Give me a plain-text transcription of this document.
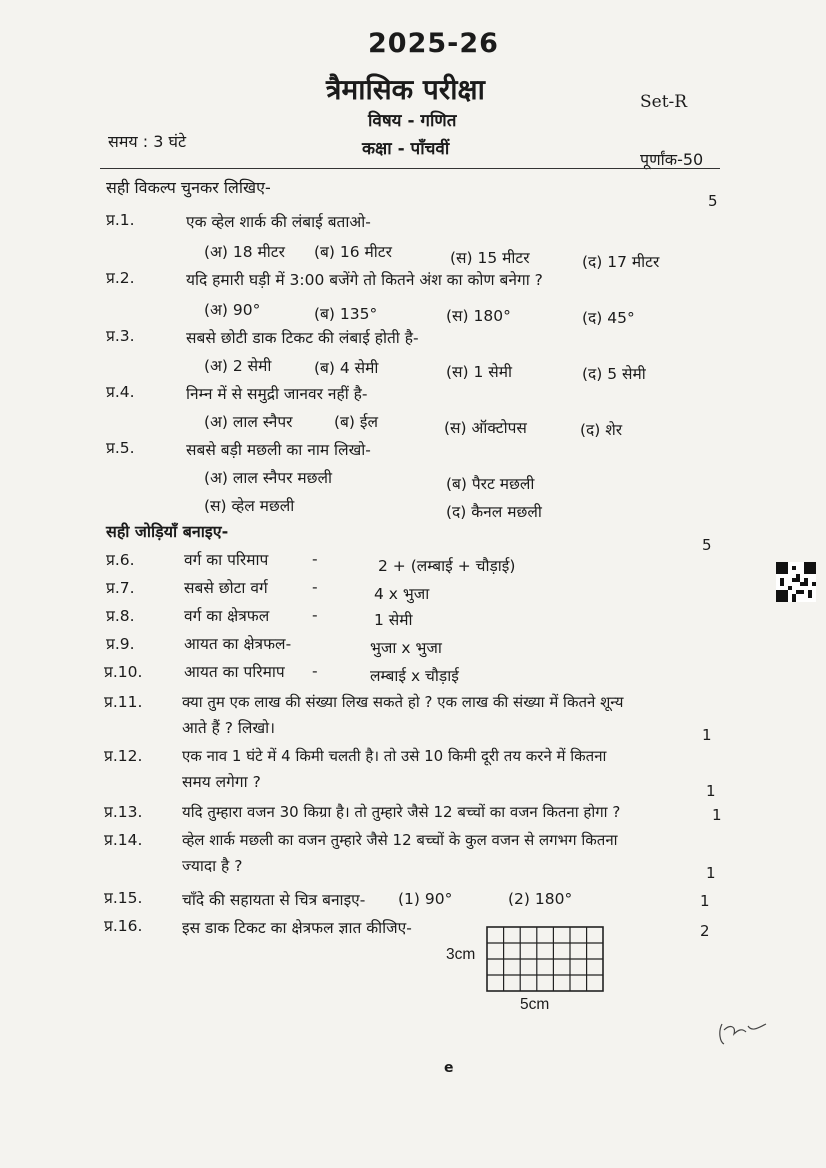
2025-26
त्रैमासिक परीक्षा
विषय - गणित
कक्षा - पाँचवीं
Set-R
समय : 3 घंटे
पूर्णांक-50
सही विकल्प चुनकर लिखिए-
5
प्र.1.	एक व्हेल शार्क की लंबाई बताओ-
(अ) 18 मीटर (ब) 16 मीटर	(स) 15 मीटर	(द) 17 मीटर
प्र.2.	यदि हमारी घड़ी में 3:00 बजेंगे तो कितने अंश का कोण बनेगा ?
(अ) 90°	(ब) 135°	(स) 180°	(द) 45°
प्र.3.	सबसे छोटी डाक टिकट की लंबाई होती है-
(अ) 2 सेमी	(ब) 4 सेमी	(स) 1 सेमी	(द) 5 सेमी
प्र.4.	निम्न में से समुद्री जानवर नहीं है-
(अ) लाल स्नैपर	(ब) ईल	(स) ऑक्टोपस	(द) शेर
प्र.5.	सबसे बड़ी मछली का नाम लिखो-
(अ) लाल स्नैपर मछली	(ब) पैरट मछली
(स) व्हेल मछली	(द) कैनल मछली
सही जोड़ियाँ बनाइए-
5
प्र.6.	वर्ग का परिमाप	-	2 + (लम्बाई + चौड़ाई)
प्र.7.	सबसे छोटा वर्ग	-	4 x भुजा
प्र.8.	वर्ग का क्षेत्रफल	-	1 सेमी
प्र.9.	आयत का क्षेत्रफल-	भुजा x भुजा
प्र.10.	आयत का परिमाप -	लम्बाई x चौड़ाई
प्र.11.	क्या तुम एक लाख की संख्या लिख सकते हो ? एक लाख की संख्या में कितने शून्य
आते हैं ? लिखो।	1
प्र.12.	एक नाव 1 घंटे में 4 किमी चलती है। तो उसे 10 किमी दूरी तय करने में कितना
समय लगेगा ?	1
प्र.13.	यदि तुम्हारा वजन 30 किग्रा है। तो तुम्हारे जैसे 12 बच्चों का वजन कितना होगा ?	1
प्र.14.	व्हेल शार्क मछली का वजन तुम्हारे जैसे 12 बच्चों के कुल वजन से लगभग कितना
ज्यादा है ?	1
प्र.15.	चाँदे की सहायता से चित्र बनाइए- (1) 90°	(2) 180°	1
प्र.16.	इस डाक टिकट का क्षेत्रफल ज्ञात कीजिए-	2
3cm
5cm
e
